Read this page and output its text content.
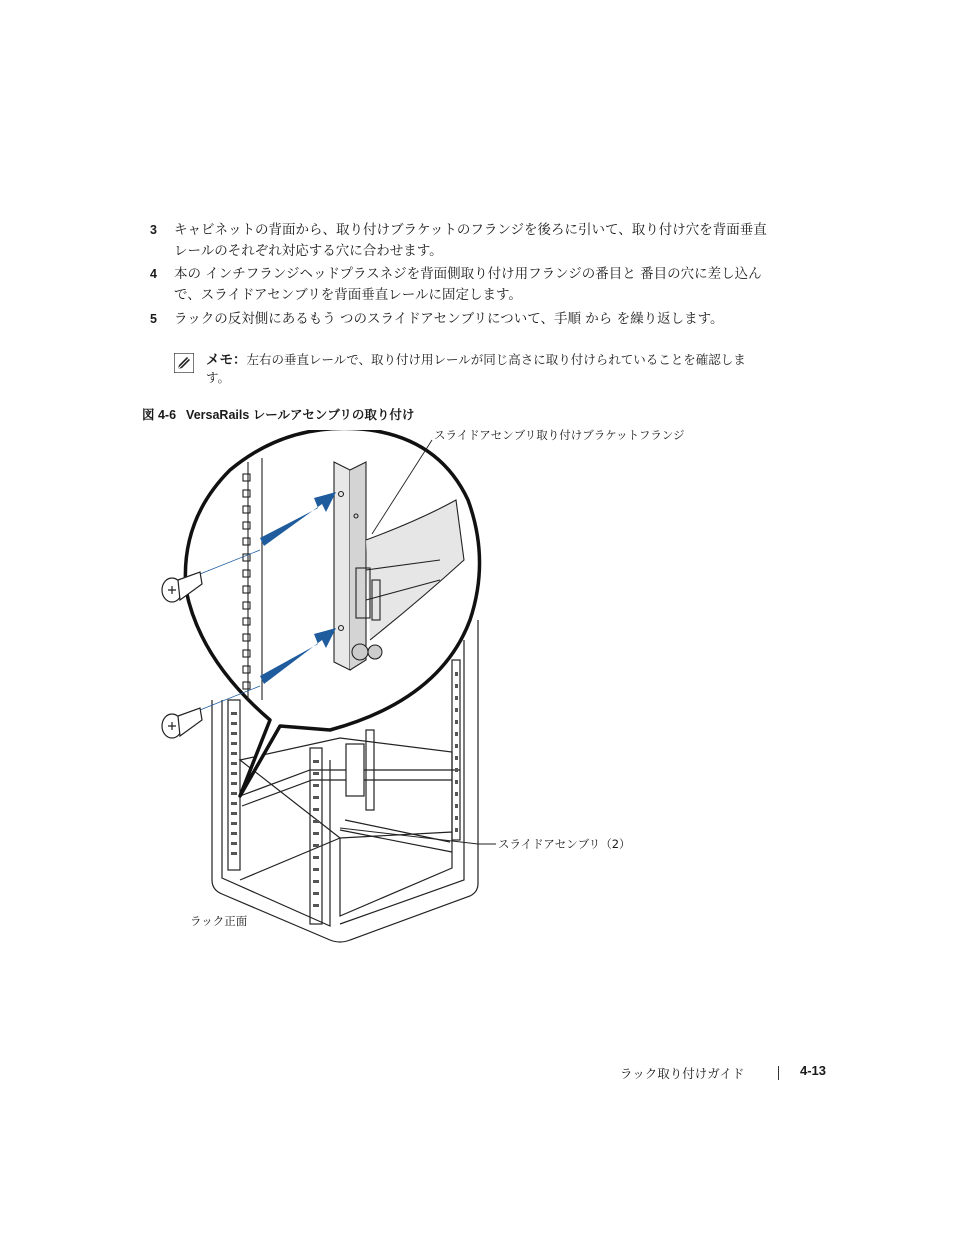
3 キャビネットの背面から、取り付けブラケットのフランジを後ろに引いて、取り付け穴を背面垂直レールのそれぞれ対応する穴に合わせます。
4 本の インチフランジヘッドプラスネジを背面側取り付け用フランジの番目と 番目の穴に差し込んで、スライドアセンブリを背面垂直レールに固定します。
5 ラックの反対側にあるもう つのスライドアセンブリについて、手順 から を繰り返します。
メモ：左右の垂直レールで、取り付け用レールが同じ高さに取り付けられていることを確認します。
図 4-6 VersaRails レールアセンブリの取り付け
スライドアセンブリ取り付けブラケットフランジ
スライドアセンブリ（2）
ラック正面
ラック取り付けガイド	4-13
